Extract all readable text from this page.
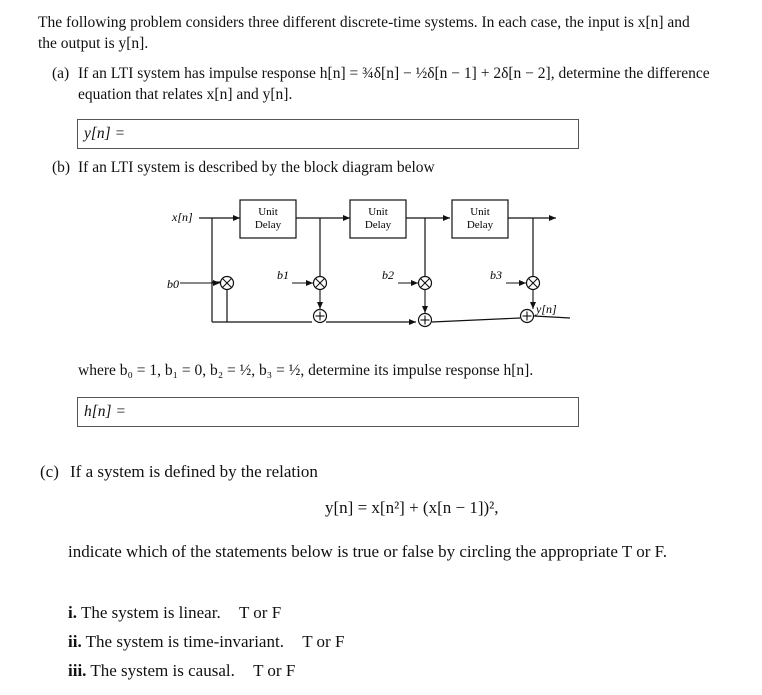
The following problem considers three different discrete-time systems. In each case, the input is x[n] and
the output is y[n].
(a) If an LTI system has impulse response h[n] = ¾δ[n] − ½δ[n − 1] + 2δ[n − 2], determine the difference
equation that relates x[n] and y[n].
y[n] =
(b) If an LTI system is described by the block diagram below
x[n]	Unit
Delay
Unit
Delay
Unit
Delay
b0
b1	b2	b3
y[n]
where b₀ = 1, b₁ = 0, b₂ = ½, b₃ = ½, determine its impulse response h[n].
h[n] =
(c) If a system is defined by the relation
y[n] = x[n²] + (x[n − 1])²,
indicate which of the statements below is true or false by circling the appropriate T or F.
i. The system is linear. T or F
ii. The system is time-invariant. T or F
iii. The system is causal. T or F
